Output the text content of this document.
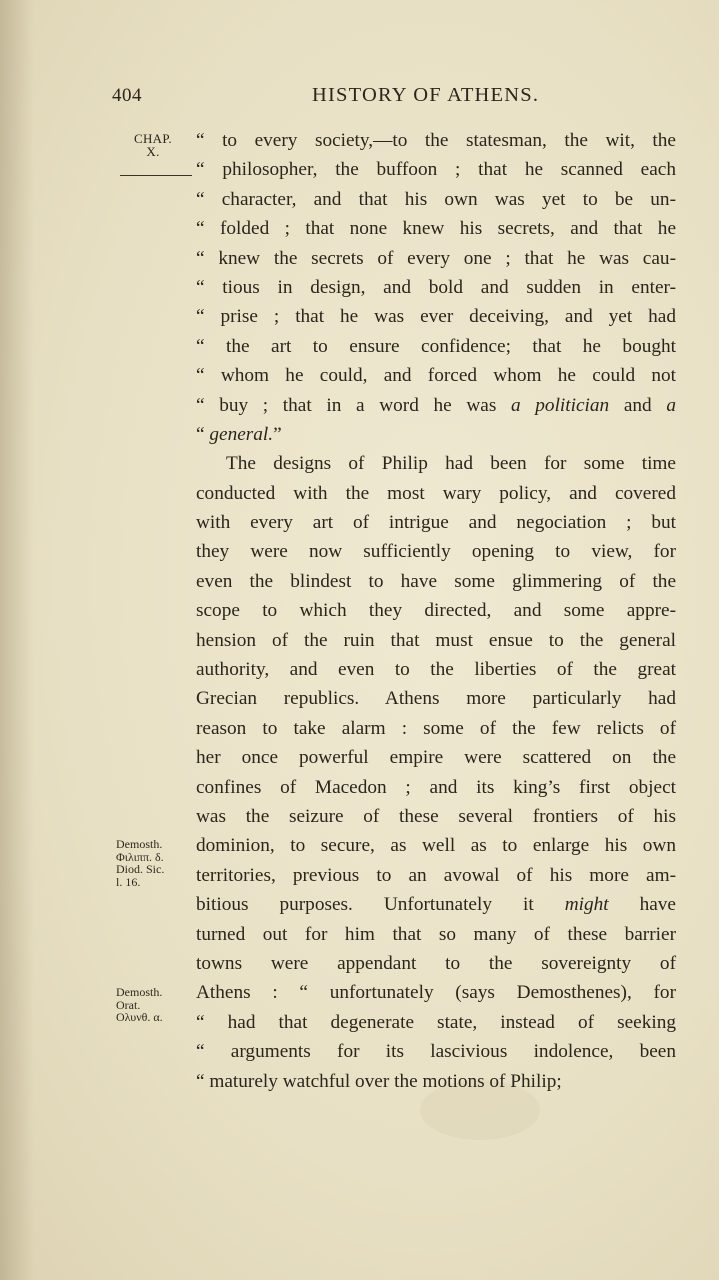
404	HISTORY OF ATHENS.
CHAP.
X.
“ to every society,—to the statesman, the wit, the
“ philosopher, the buffoon ; that he scanned each
“ character, and that his own was yet to be un-
“ folded ; that none knew his secrets, and that he
“ knew the secrets of every one ; that he was cau-
“ tious in design, and bold and sudden in enter-
“ prise ; that he was ever deceiving, and yet had
“ the art to ensure confidence; that he bought
“ whom he could, and forced whom he could not
“ buy ; that in a word he was a politician and a
“ general.”
The designs of Philip had been for some time
conducted with the most wary policy, and covered
with every art of intrigue and negociation ; but
they were now sufficiently opening to view, for
even the blindest to have some glimmering of the
scope to which they directed, and some appre-
hension of the ruin that must ensue to the general
authority, and even to the liberties of the great
Grecian republics. Athens more particularly had
reason to take alarm : some of the few relicts of
her once powerful empire were scattered on the
confines of Macedon ; and its king’s first object
was the seizure of these several frontiers of his
dominion, to secure, as well as to enlarge his own
territories, previous to an avowal of his more am-
bitious purposes. Unfortunately it might have
turned out for him that so many of these barrier
towns were appendant to the sovereignty of
Athens : “ unfortunately (says Demosthenes), for
“ had that degenerate state, instead of seeking
“ arguments for its lascivious indolence, been
“ maturely watchful over the motions of Philip;
Demosth.
Φιλιππ. δ.
Diod. Sic.
l. 16.
Demosth.
Orat.
Ολυνθ. α.
